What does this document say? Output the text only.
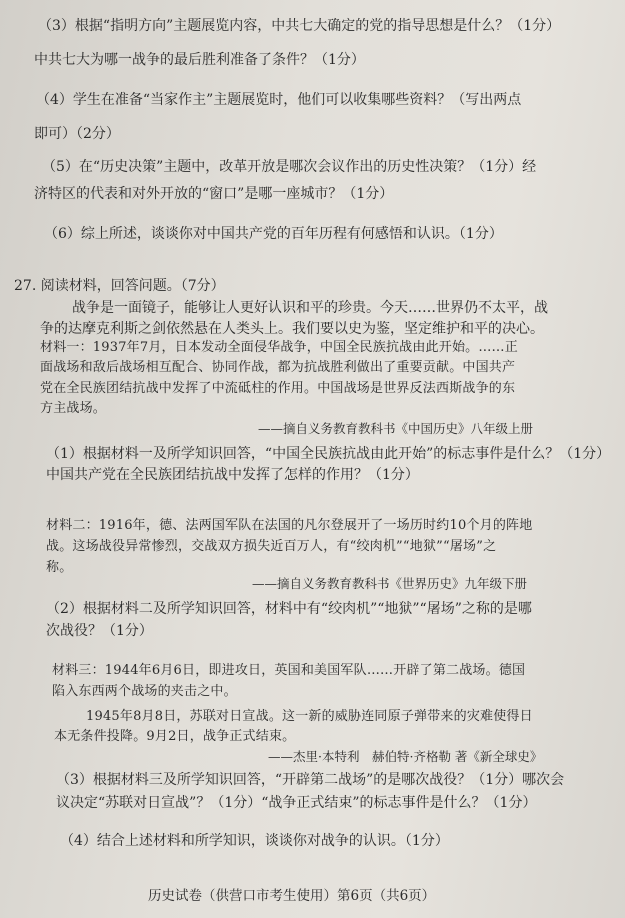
（3）根据“指明方向”主题展览内容，中共七大确定的党的指导思想是什么？（1分）
中共七大为哪一战争的最后胜利准备了条件？（1分）
（4）学生在准备“当家作主”主题展览时，他们可以收集哪些资料？（写出两点
即可）（2分）
（5）在“历史决策”主题中，改革开放是哪次会议作出的历史性决策？（1分）经
济特区的代表和对外开放的“窗口”是哪一座城市？（1分）
（6）综上所述，谈谈你对中国共产党的百年历程有何感悟和认识。（1分）
27. 阅读材料，回答问题。（7分）
战争是一面镜子，能够让人更好认识和平的珍贵。今天……世界仍不太平，战
争的达摩克利斯之剑依然悬在人类头上。我们要以史为鉴，坚定维护和平的决心。
材料一：1937年7月，日本发动全面侵华战争，中国全民族抗战由此开始。……正
面战场和敌后战场相互配合、协同作战，都为抗战胜利做出了重要贡献。中国共产
党在全民族团结抗战中发挥了中流砥柱的作用。中国战场是世界反法西斯战争的东
方主战场。
——摘自义务教育教科书《中国历史》八年级上册
（1）根据材料一及所学知识回答，“中国全民族抗战由此开始”的标志事件是什么？（1分）
中国共产党在全民族团结抗战中发挥了怎样的作用？（1分）
材料二：1916年，德、法两国军队在法国的凡尔登展开了一场历时约10个月的阵地
战。这场战役异常惨烈，交战双方损失近百万人，有“绞肉机”“地狱”“屠场”之
称。
——摘自义务教育教科书《世界历史》九年级下册
（2）根据材料二及所学知识回答，材料中有“绞肉机”“地狱”“屠场”之称的是哪
次战役？（1分）
材料三：1944年6月6日，即进攻日，英国和美国军队……开辟了第二战场。德国
陷入东西两个战场的夹击之中。
1945年8月8日，苏联对日宣战。这一新的威胁连同原子弹带来的灾难使得日
本无条件投降。9月2日，战争正式结束。
——杰里·本特利　赫伯特·齐格勒 著《新全球史》
（3）根据材料三及所学知识回答，“开辟第二战场”的是哪次战役？（1分）哪次会
议决定“苏联对日宣战”？（1分）“战争正式结束”的标志事件是什么？（1分）
（4）结合上述材料和所学知识，谈谈你对战争的认识。（1分）
历史试卷（供营口市考生使用）第6页（共6页）
